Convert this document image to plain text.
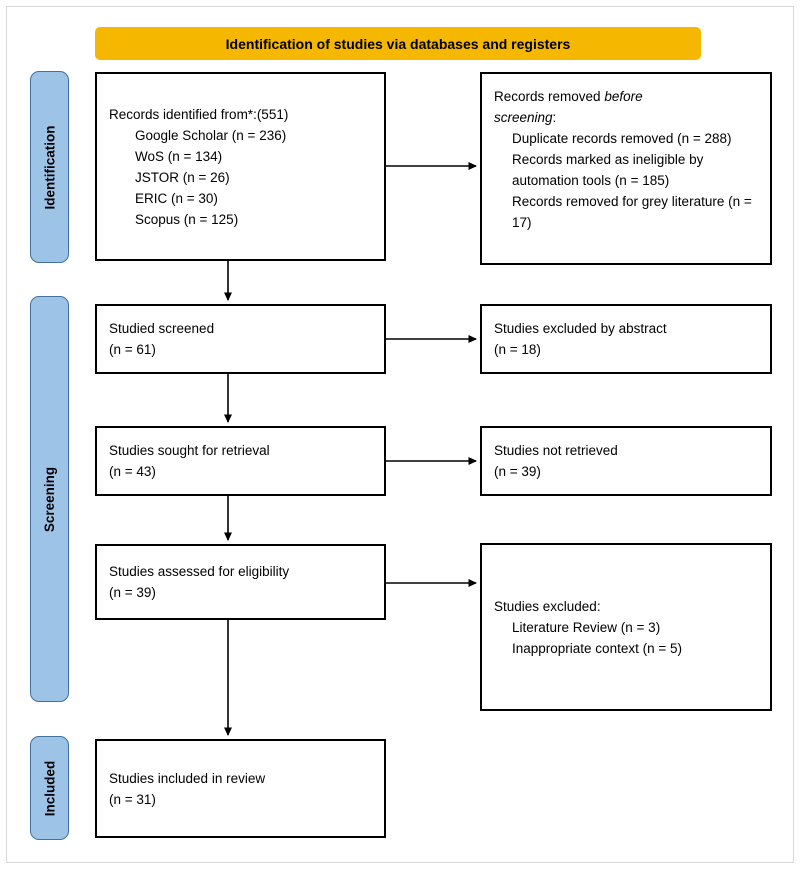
Identification of studies via databases and registers
Identification
Screening
Included
Records identified from*:(551)
Google Scholar (n = 236)
WoS (n = 134)
JSTOR (n = 26)
ERIC (n = 30)
Scopus (n = 125)
Studied screened
(n = 61)
Studies sought for retrieval
(n = 43)
Studies assessed for eligibility
(n = 39)
Studies included in review
(n = 31)
Records removed before
screening:
Duplicate records removed (n = 288)
Records marked as ineligible by automation tools (n = 185)
Records removed for grey literature (n = 17)
Studies excluded by abstract
(n = 18)
Studies not retrieved
(n = 39)
Studies excluded:
Literature Review (n = 3)
Inappropriate context (n = 5)
